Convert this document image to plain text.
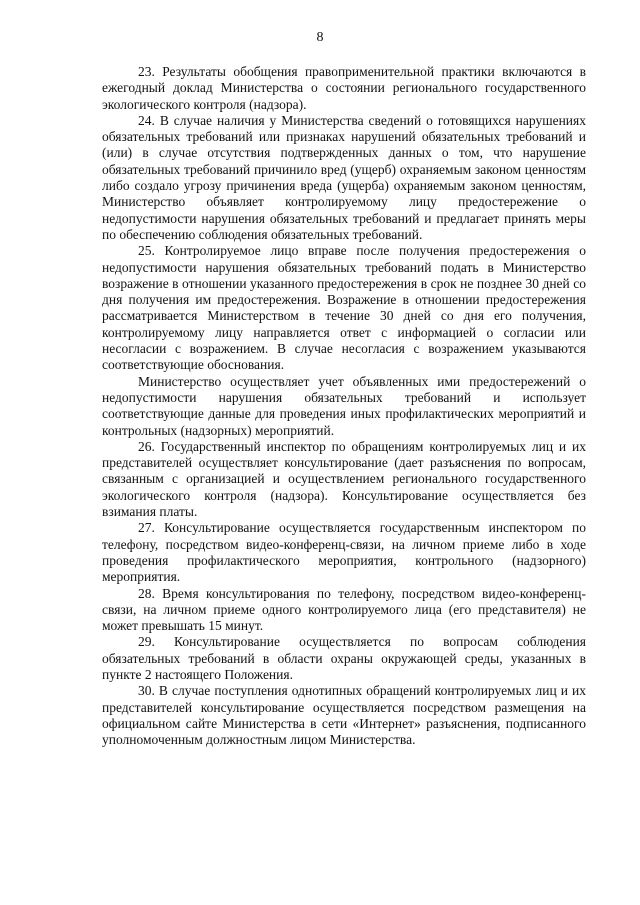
8

23. Результаты обобщения правоприменительной практики включаются в ежегодный доклад Министерства о состоянии регионального государственного экологического контроля (надзора).

24. В случае наличия у Министерства сведений о готовящихся нарушениях обязательных требований или признаках нарушений обязательных требований и (или) в случае отсутствия подтвержденных данных о том, что нарушение обязательных требований причинило вред (ущерб) охраняемым законом ценностям либо создало угрозу причинения вреда (ущерба) охраняемым законом ценностям, Министерство объявляет контролируемому лицу предостережение о недопустимости нарушения обязательных требований и предлагает принять меры по обеспечению соблюдения обязательных требований.

25. Контролируемое лицо вправе после получения предостережения о недопустимости нарушения обязательных требований подать в Министерство возражение в отношении указанного предостережения в срок не позднее 30 дней со дня получения им предостережения. Возражение в отношении предостережения рассматривается Министерством в течение 30 дней со дня его получения, контролируемому лицу направляется ответ с информацией о согласии или несогласии с возражением. В случае несогласия с возражением указываются соответствующие обоснования.

Министерство осуществляет учет объявленных ими предостережений о недопустимости нарушения обязательных требований и использует соответствующие данные для проведения иных профилактических мероприятий и контрольных (надзорных) мероприятий.

26. Государственный инспектор по обращениям контролируемых лиц и их представителей осуществляет консультирование (дает разъяснения по вопросам, связанным с организацией и осуществлением регионального государственного экологического контроля (надзора). Консультирование осуществляется без взимания платы.

27. Консультирование осуществляется государственным инспектором по телефону, посредством видео-конференц-связи, на личном приеме либо в ходе проведения профилактического мероприятия, контрольного (надзорного) мероприятия.

28. Время консультирования по телефону, посредством видео-конференц-связи, на личном приеме одного контролируемого лица (его представителя) не может превышать 15 минут.

29. Консультирование осуществляется по вопросам соблюдения обязательных требований в области охраны окружающей среды, указанных в пункте 2 настоящего Положения.

30. В случае поступления однотипных обращений контролируемых лиц и их представителей консультирование осуществляется посредством размещения на официальном сайте Министерства в сети «Интернет» разъяснения, подписанного уполномоченным должностным лицом Министерства.
